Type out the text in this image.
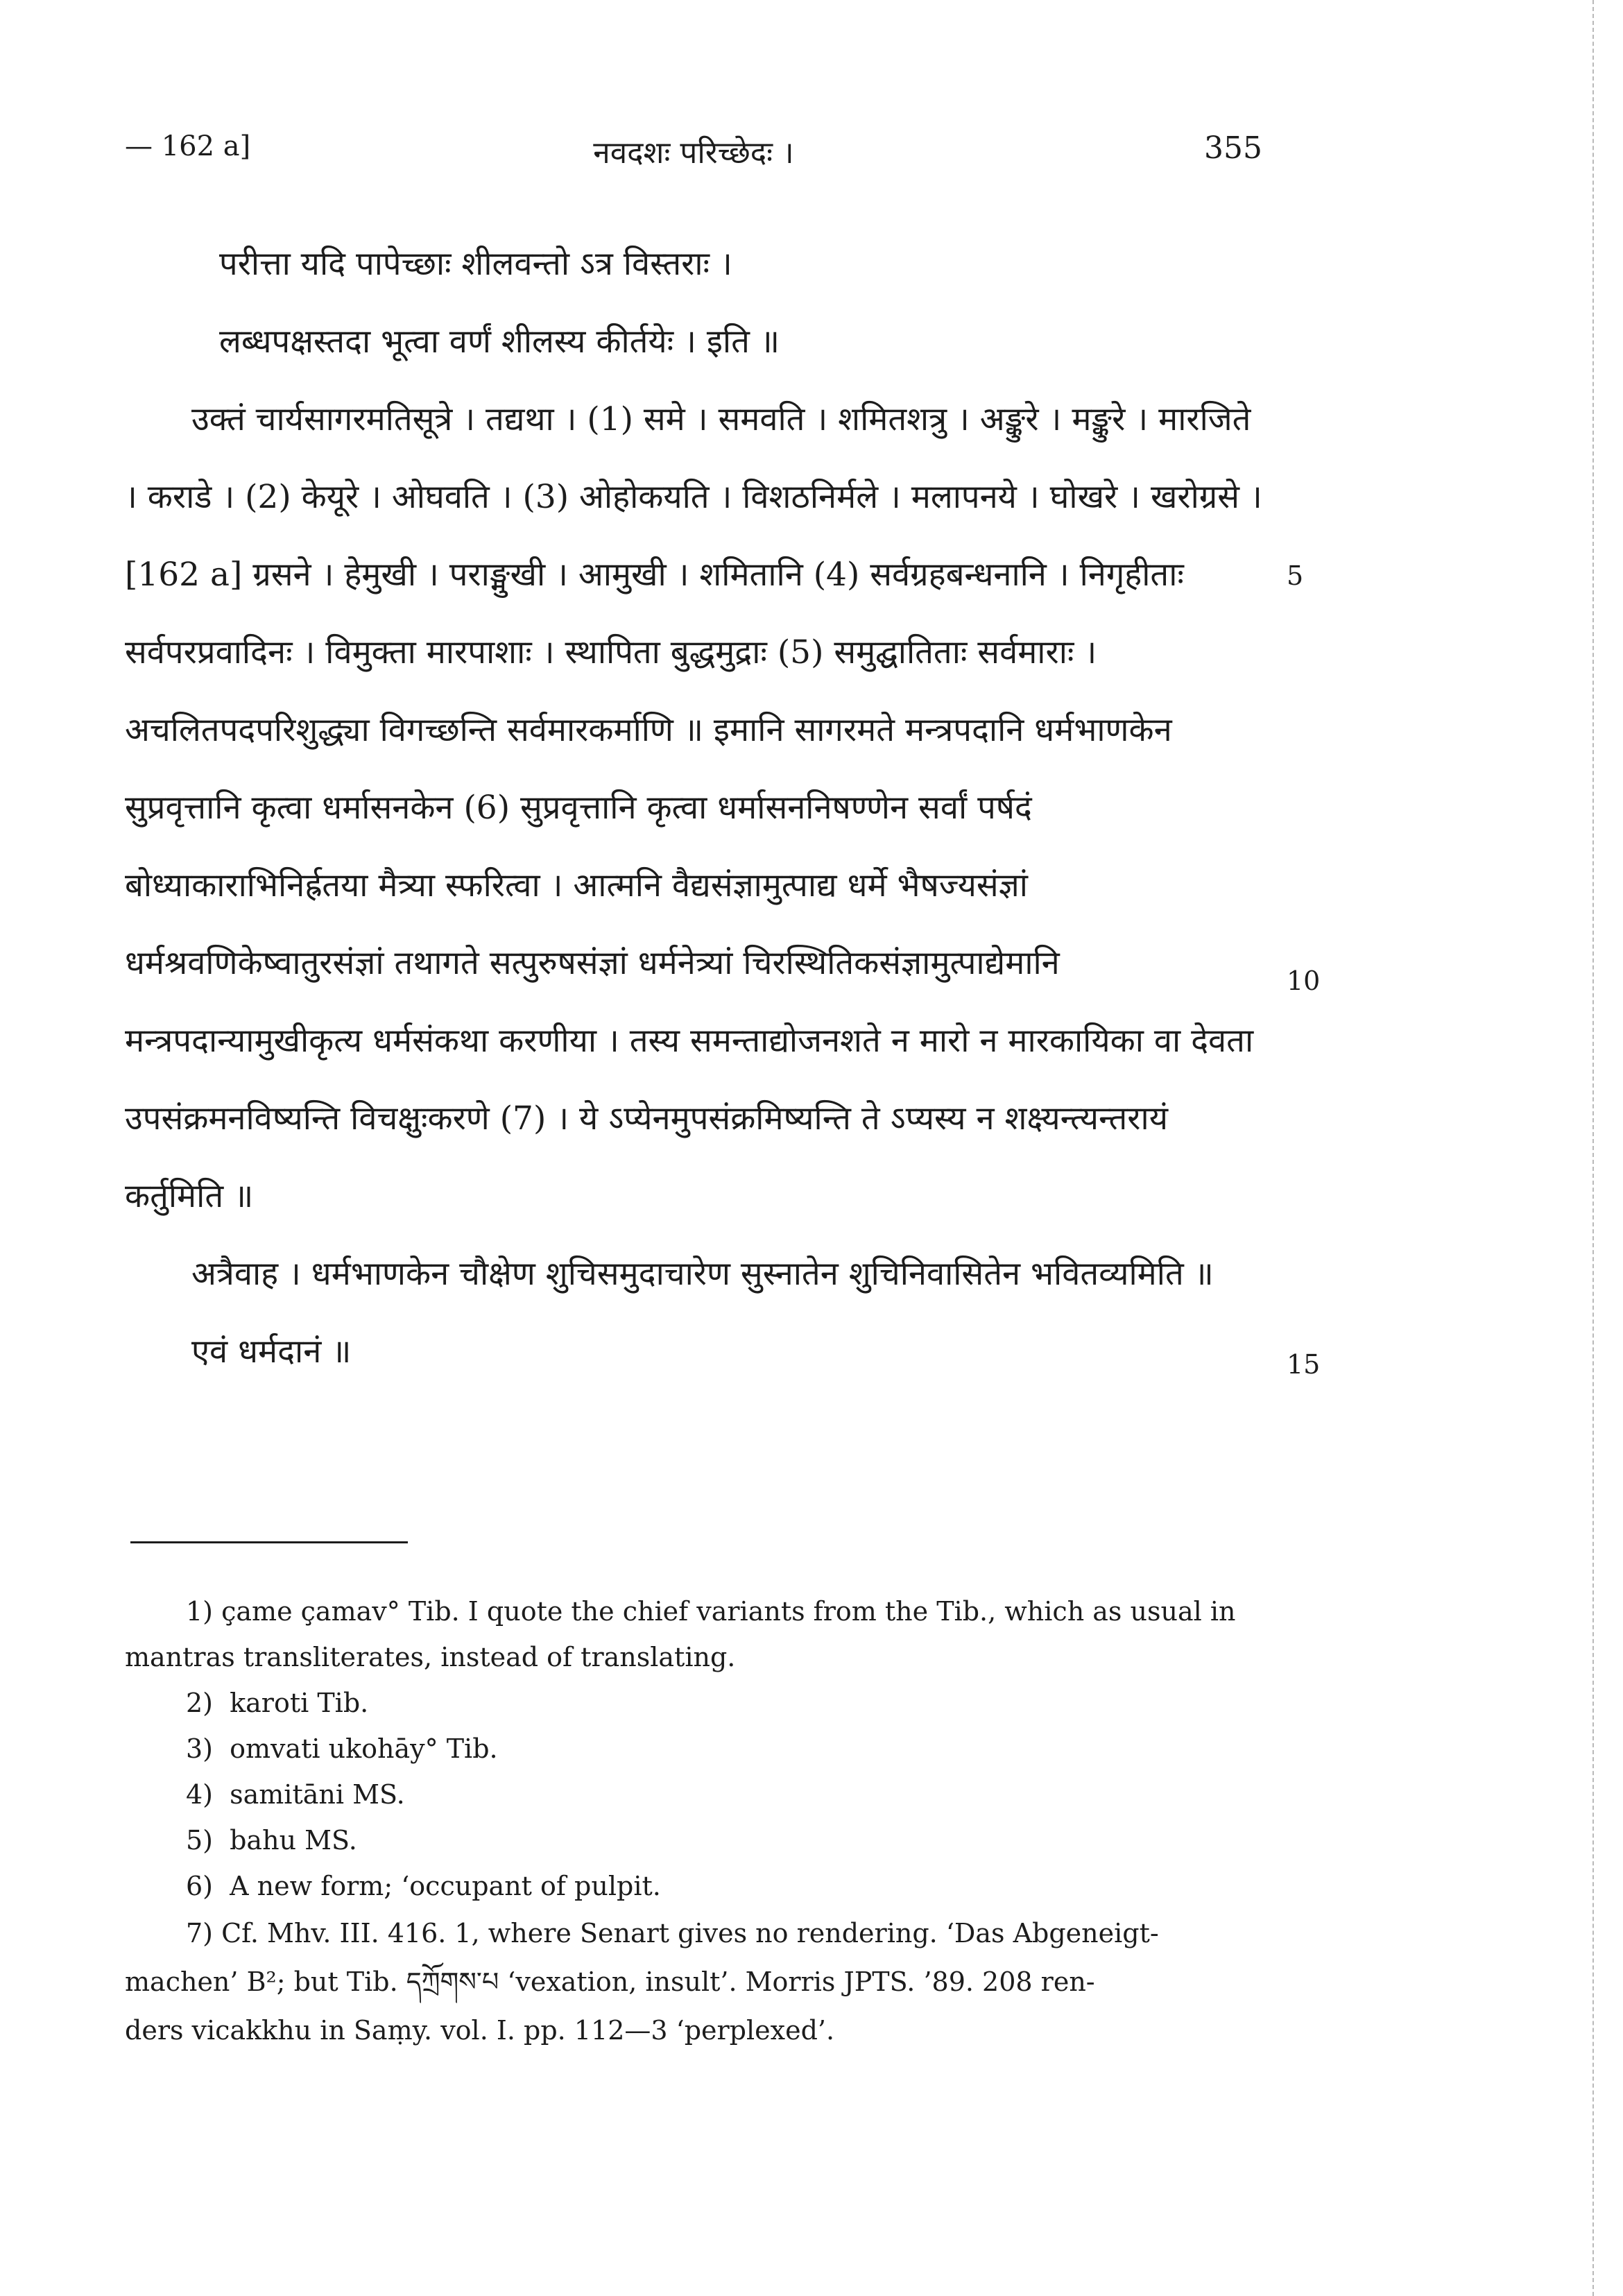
— 162 a]	नवदशः परिच्छेदः ।	355
परीत्ता यदि पापेच्छाः शीलवन्तो ऽत्र विस्तराः ।
लब्धपक्षस्तदा भूत्वा वर्णं शीलस्य कीर्तयेः । इति ॥
उक्तं चार्यसागरमतिसूत्रे । तद्यथा । (1) समे । समवति । शमितशत्रु । अङ्कुरे । मङ्कुरे । मारजिते । कराडे । (2) केयूरे । ओघवति । (3) ओहोकयति । विशठनिर्मले । मलापनये । घोखरे । खरोग्रसे । [162 a] ग्रसने । हेमुखी । पराङ्मुखी । आमुखी । शमितानि (4) सर्वग्रहबन्धनानि । निगृहीताः सर्वपरप्रवादिनः । विमुक्ता मारपाशाः । स्थापिता बुद्धमुद्राः (5) समुद्घातिताः सर्वमाराः । अचलितपदपरिशुद्ध्या विगच्छन्ति सर्वमारकर्माणि ॥ इमानि सागरमते मन्त्रपदानि धर्मभाणकेन सुप्रवृत्तानि कृत्वा धर्मासनकेन (6) सुप्रवृत्तानि कृत्वा धर्मासननिषण्णेन सर्वां पर्षदं बोध्याकाराभिनिर्ह्रतया मैत्र्या स्फरित्वा । आत्मनि वैद्यसंज्ञामुत्पाद्य धर्मे भैषज्यसंज्ञां धर्मश्रवणिकेष्वातुरसंज्ञां तथागते सत्पुरुषसंज्ञां धर्मनेत्र्यां चिरस्थितिकसंज्ञामुत्पाद्येमानि मन्त्रपदान्यामुखीकृत्य धर्मसंकथा करणीया । तस्य समन्ताद्योजनशते न मारो न मारकायिका वा देवता उपसंक्रमनविष्यन्ति विचक्षुःकरणे (7) । ये ऽप्येनमुपसंक्रमिष्यन्ति ते ऽप्यस्य न शक्ष्यन्त्यन्तरायं कर्तुमिति ॥
अत्रैवाह । धर्मभाणकेन चौक्षेण शुचिसमुदाचारेण सुस्नातेन शुचिनिवासितेन भवितव्यमिति ॥
एवं धर्मदानं ॥
5
10
15
1) çame çamav° Tib. I quote the chief variants from the Tib., which as usual in mantras transliterates, instead of translating.
2) karoti Tib.
3) omvati ukohāy° Tib.
4) samitāni MS.
5) bahu MS.
6) A new form; ‘occupant of pulpit.
7) Cf. Mhv. III. 416. 1, where Senart gives no rendering. ‘Das Abgeneigt-
machen’ B²; but Tib. དཀྲོགས་པ ‘vexation, insult’. Morris JPTS. ’89. 208 ren-
ders vicakkhu in Saṃy. vol. I. pp. 112—3 ‘perplexed’.
